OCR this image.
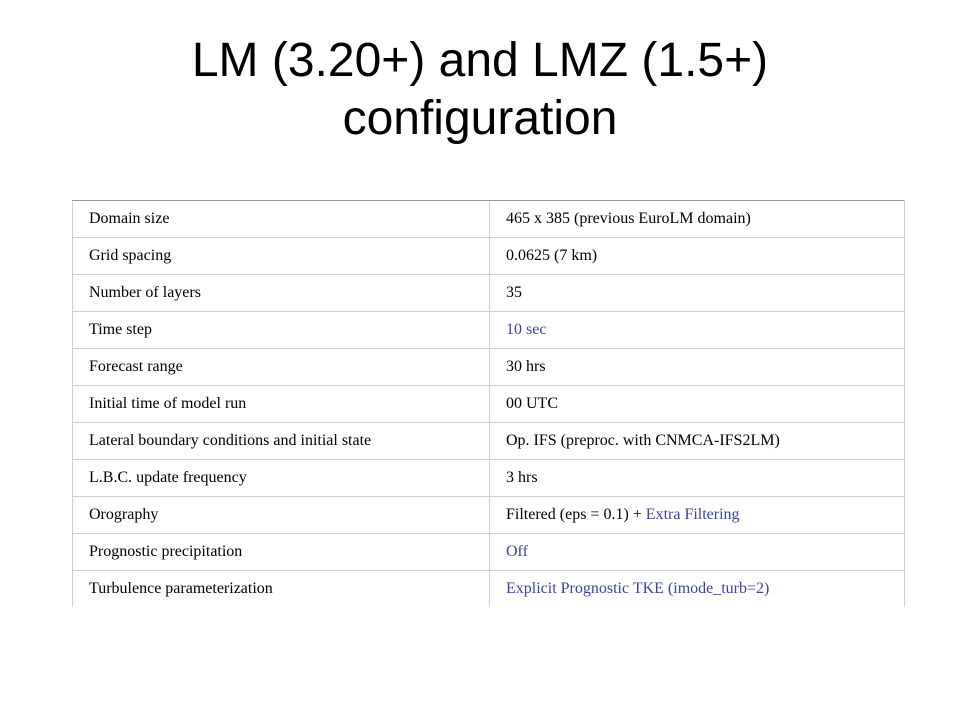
LM (3.20+) and LMZ (1.5+)
configuration
Domain size	465 x 385 (previous EuroLM domain)
Grid spacing	0.0625 (7 km)
Number of layers	35
Time step	10 sec
Forecast range	30 hrs
Initial time of model run	00 UTC
Lateral boundary conditions and initial state	Op. IFS (preproc. with CNMCA-IFS2LM)
L.B.C. update frequency	3 hrs
Orography	Filtered (eps = 0.1) + Extra Filtering
Prognostic precipitation	Off
Turbulence parameterization	Explicit Prognostic TKE (imode_turb=2)
